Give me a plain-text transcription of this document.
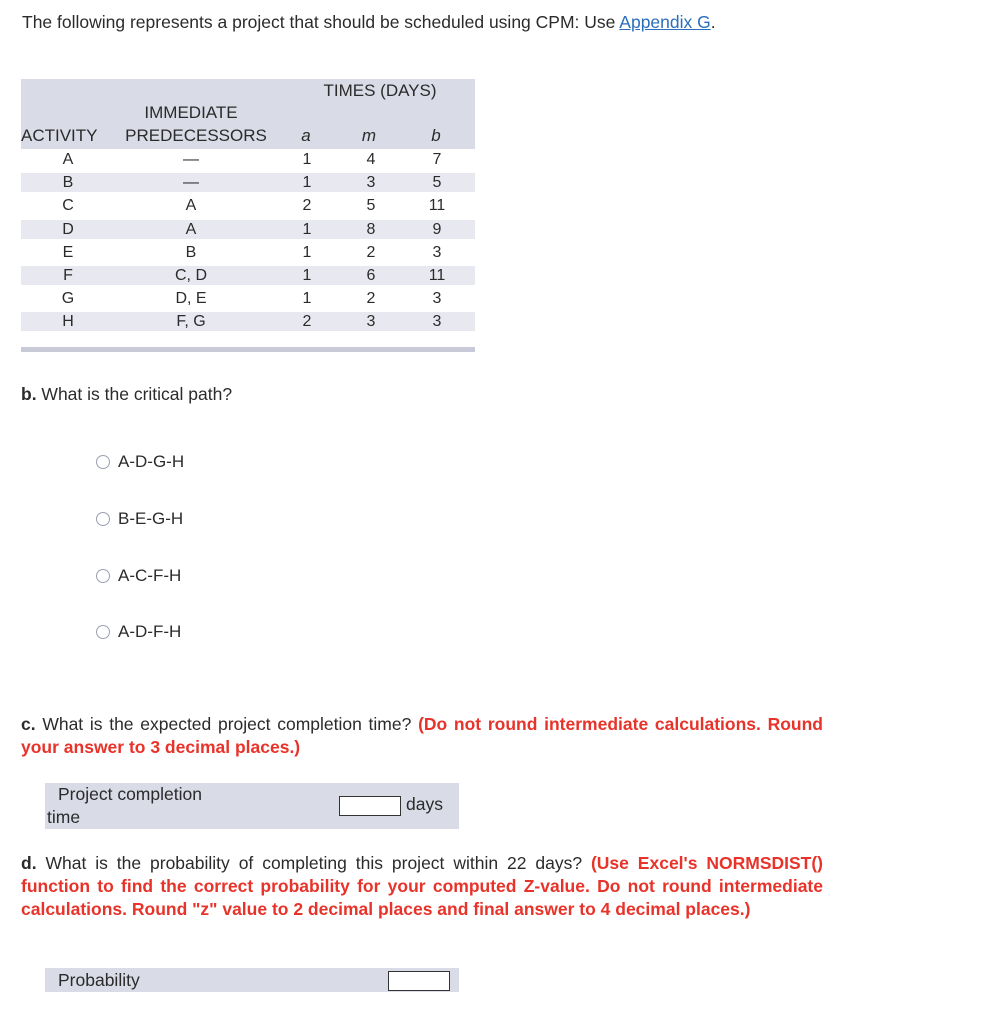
The following represents a project that should be scheduled using CPM: Use Appendix G.
TIMES (DAYS)
IMMEDIATE
ACTIVITY	PREDECESSORS	a	m	b
A	—	1	4	7
B	—	1	3	5
C	A	2	5	11
D	A	1	8	9
E	B	1	2	3
F	C, D	1	6	11
G	D, E	1	2	3
H	F, G	2	3	3
b. What is the critical path?
A-D-G-H
B-E-G-H
A-C-F-H
A-D-F-H
c. What is the expected project completion time? (Do not round intermediate calculations. Round your answer to 3 decimal places.)
Project completion
time
days
d. What is the probability of completing this project within 22 days? (Use Excel's NORMSDIST() function to find the correct probability for your computed Z-value. Do not round intermediate calculations. Round "z" value to 2 decimal places and final answer to 4 decimal places.)
Probability
